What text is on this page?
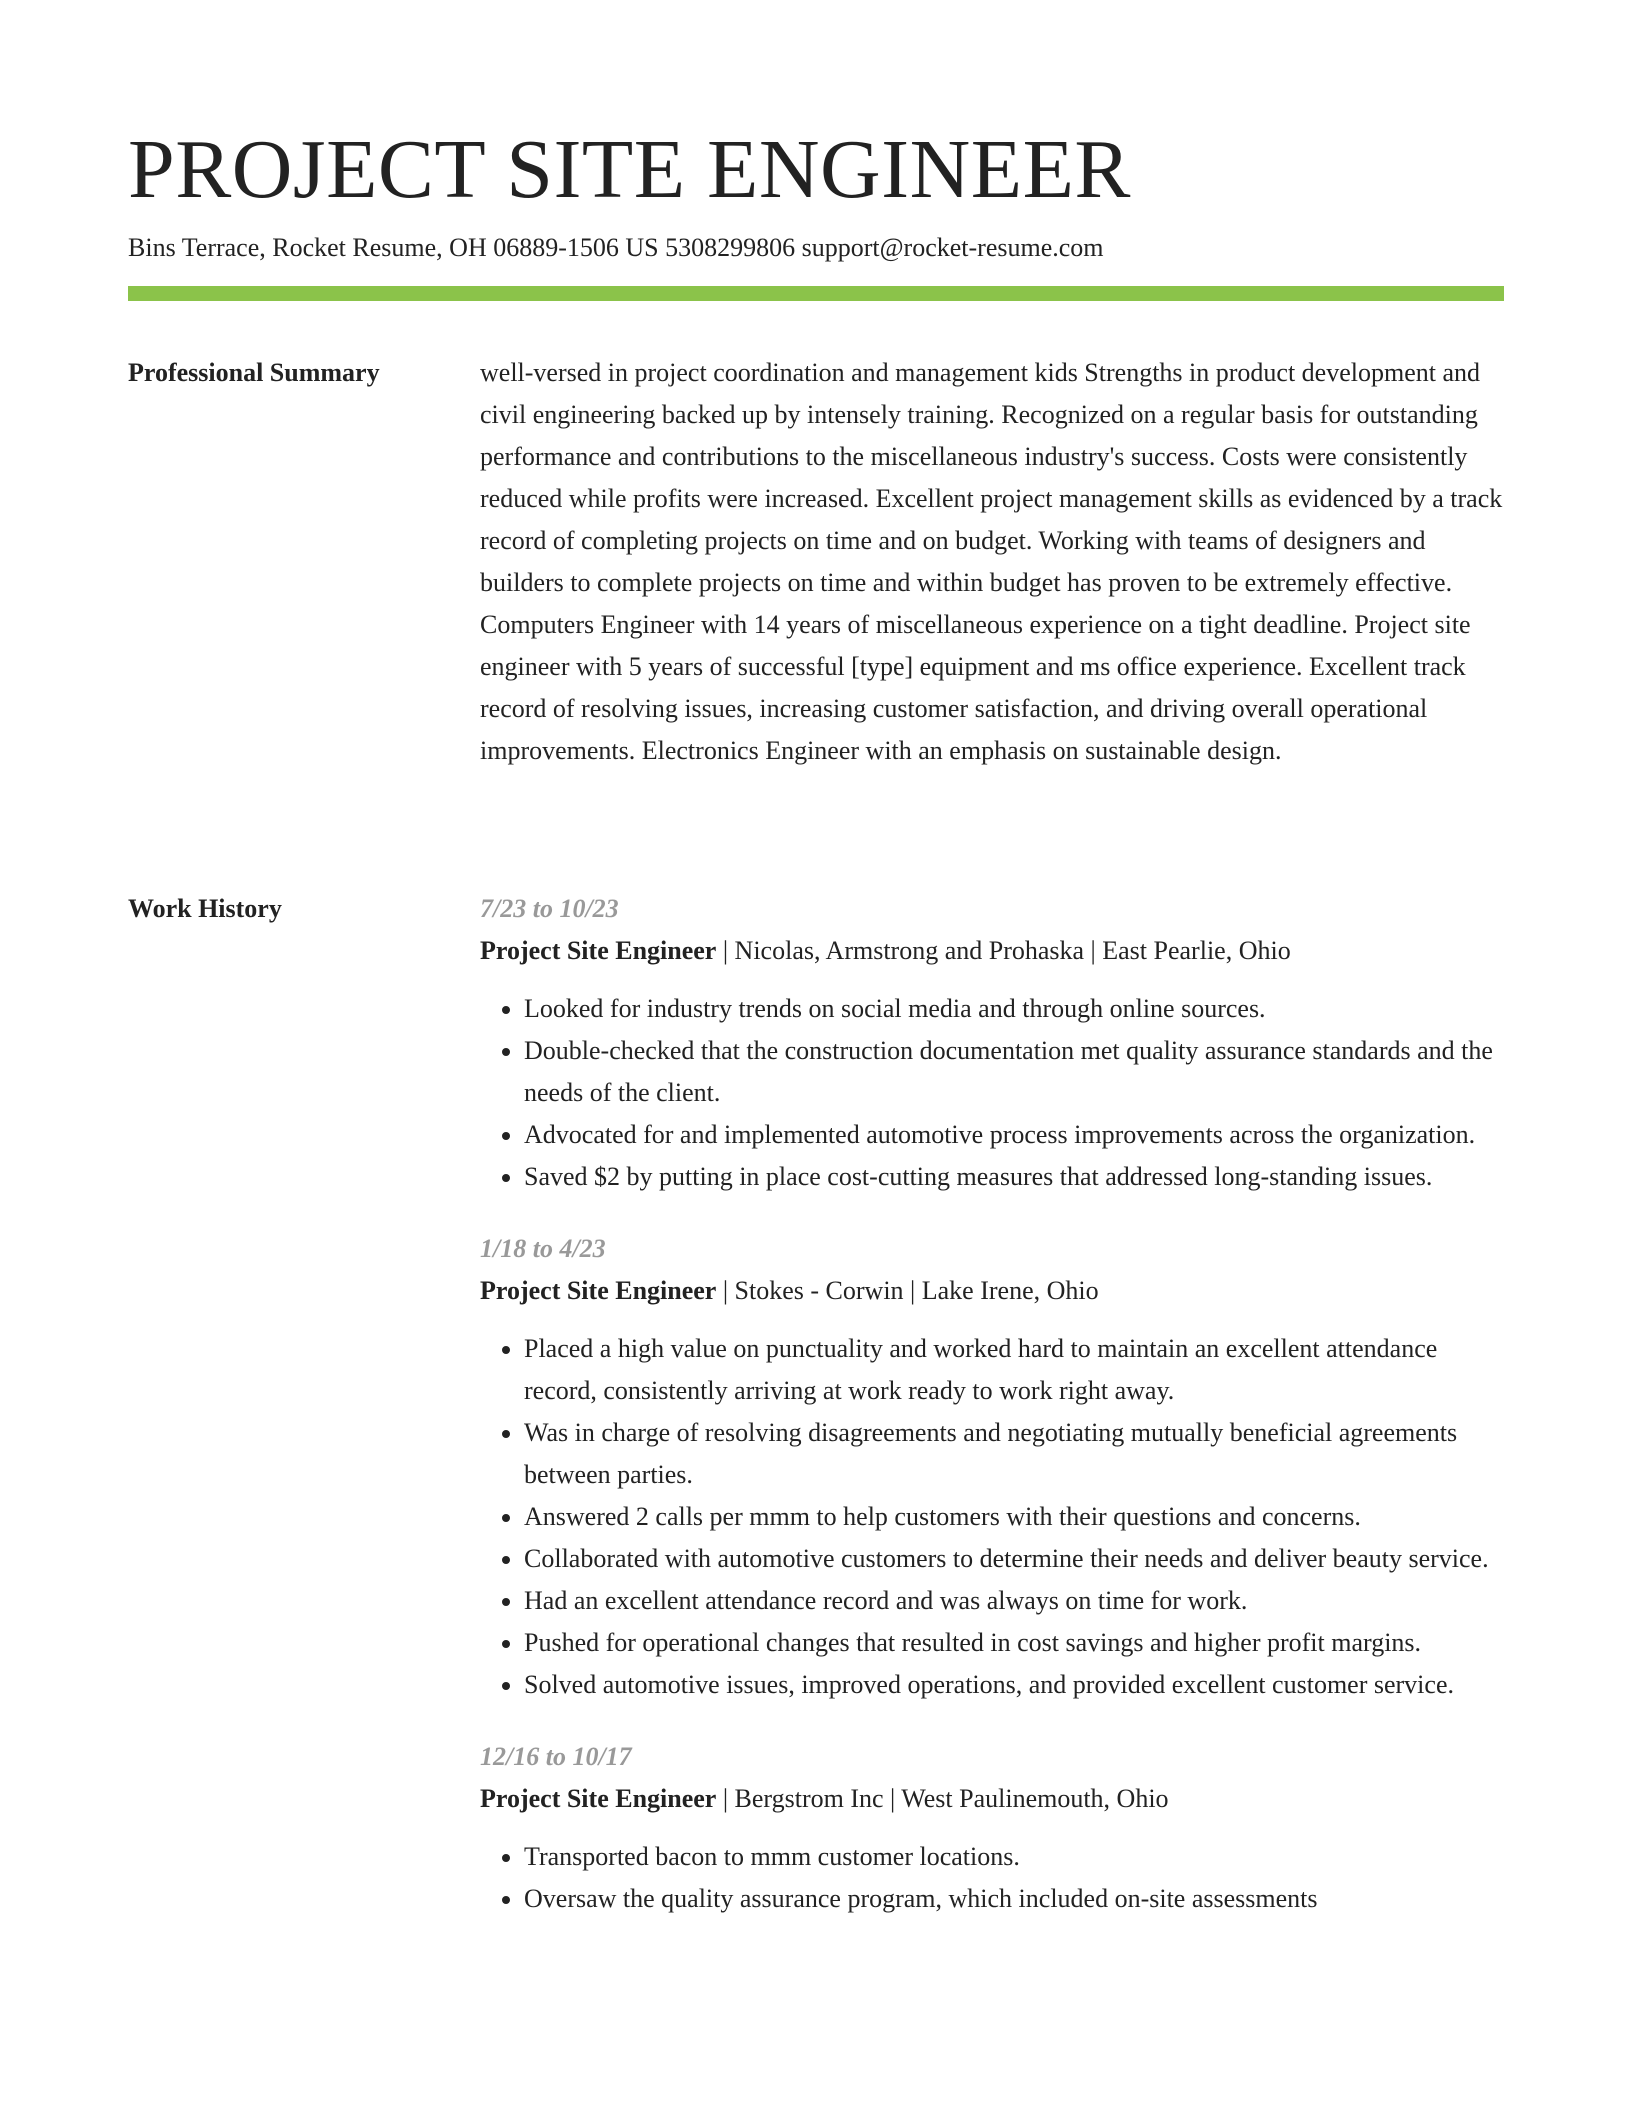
PROJECT SITE ENGINEER
Bins Terrace, Rocket Resume, OH 06889-1506 US 5308299806 support@rocket-resume.com
Professional Summary	well-versed in project coordination and management kids Strengths in product development and civil engineering backed up by intensely training. Recognized on a regular basis for outstanding performance and contributions to the miscellaneous industry's success. Costs were consistently reduced while profits were increased. Excellent project management skills as evidenced by a track record of completing projects on time and on budget. Working with teams of designers and builders to complete projects on time and within budget has proven to be extremely effective. Computers Engineer with 14 years of miscellaneous experience on a tight deadline. Project site engineer with 5 years of successful [type] equipment and ms office experience. Excellent track record of resolving issues, increasing customer satisfaction, and driving overall operational improvements. Electronics Engineer with an emphasis on sustainable design.

Work History	7/23 to 10/23
Project Site Engineer | Nicolas, Armstrong and Prohaska | East Pearlie, Ohio
• Looked for industry trends on social media and through online sources.
• Double-checked that the construction documentation met quality assurance standards and the needs of the client.
• Advocated for and implemented automotive process improvements across the organization.
• Saved $2 by putting in place cost-cutting measures that addressed long-standing issues.
1/18 to 4/23
Project Site Engineer | Stokes - Corwin | Lake Irene, Ohio
• Placed a high value on punctuality and worked hard to maintain an excellent attendance record, consistently arriving at work ready to work right away.
• Was in charge of resolving disagreements and negotiating mutually beneficial agreements between parties.
• Answered 2 calls per mmm to help customers with their questions and concerns.
• Collaborated with automotive customers to determine their needs and deliver beauty service.
• Had an excellent attendance record and was always on time for work.
• Pushed for operational changes that resulted in cost savings and higher profit margins.
• Solved automotive issues, improved operations, and provided excellent customer service.
12/16 to 10/17
Project Site Engineer | Bergstrom Inc | West Paulinemouth, Ohio
• Transported bacon to mmm customer locations.
• Oversaw the quality assurance program, which included on-site assessments
